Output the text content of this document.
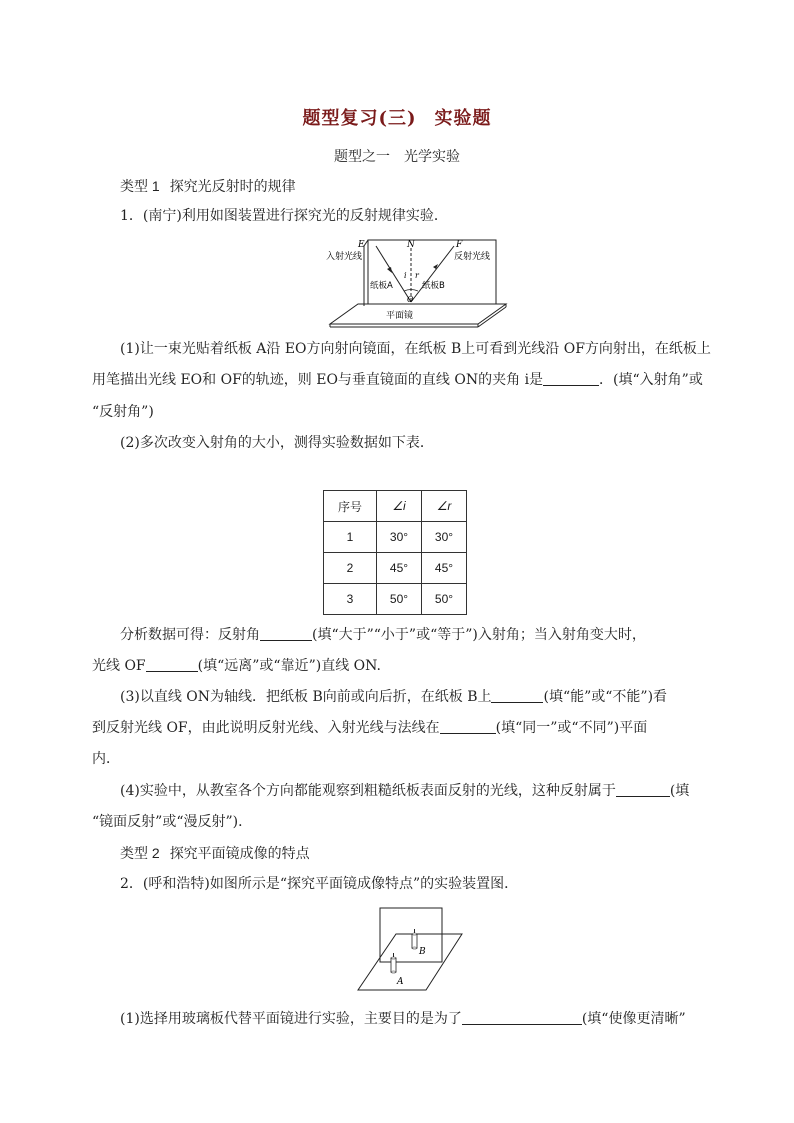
题型复习(三) 实验题
题型之一　光学实验
类型 1 探究光反射时的规律
1．(南宁)利用如图装置进行探究光的反射规律实验．
E
入射光线
N	F
反射光线
i r
纸板A	纸板B
O
平面镜
(1)让一束光贴着纸板 A沿 EO方向射向镜面，在纸板 B上可看到光线沿 OF方向射出，在纸板上
用笔描出光线 EO和 OF的轨迹，则 EO与垂直镜面的直线 ON的夹角 i是	．(填“入射角”或
“反射角”)
(2)多次改变入射角的大小，测得实验数据如下表．
序号	∠i	∠r
1	30°	30°
2	45°	45°
3	50°	50°
分析数据可得：反射角	(填“大于”“小于”或“等于”)入射角；当入射角变大时，
光线 OF	(填“远离”或“靠近”)直线 ON.
(3)以直线 ON为轴线．把纸板 B向前或向后折，在纸板 B上	(填“能”或“不能”)看
到反射光线 OF，由此说明反射光线、入射光线与法线在	(填“同一”或“不同”)平面
内．
(4)实验中，从教室各个方向都能观察到粗糙纸板表面反射的光线，这种反射属于	(填
“镜面反射”或“漫反射”)．
类型 2 探究平面镜成像的特点
2．(呼和浩特)如图所示是“探究平面镜成像特点”的实验装置图．
B
A
(1)选择用玻璃板代替平面镜进行实验，主要目的是为了	(填“使像更清晰”
